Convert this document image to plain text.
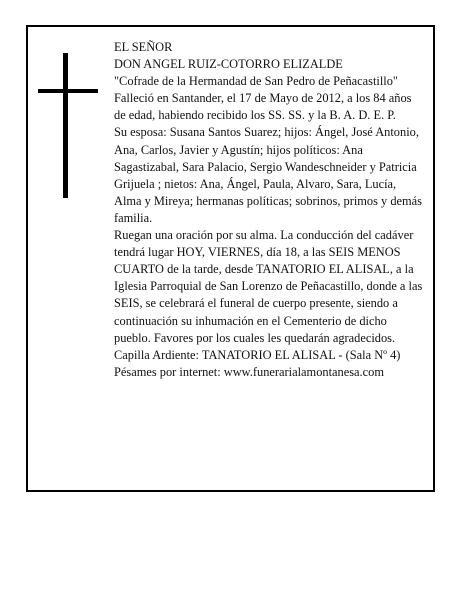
EL SEÑOR

DON ANGEL RUIZ-COTORRO ELIZALDE

"Cofrade de la Hermandad de San Pedro de Peñacastillo"

Falleció en Santander, el 17 de Mayo de 2012, a los 84 años de edad, habiendo recibido los SS. SS. y la B. A. D. E. P.

Su esposa: Susana Santos Suarez; hijos: Ángel, José Antonio, Ana, Carlos, Javier y Agustín; hijos políticos: Ana Sagastizabal, Sara Palacio, Sergio Wandeschneider y Patricia Grijuela ; nietos: Ana, Ángel, Paula, Alvaro, Sara, Lucía, Alma y Mireya; hermanas políticas; sobrinos, primos y demás familia.

Ruegan una oración por su alma. La conducción del cadáver tendrá lugar HOY, VIERNES, día 18, a las SEIS MENOS CUARTO de la tarde, desde TANATORIO EL ALISAL, a la Iglesia Parroquial de San Lorenzo de Peñacastillo, donde a las SEIS, se celebrará el funeral de cuerpo presente, siendo a continuación su inhumación en el Cementerio de dicho pueblo. Favores por los cuales les quedarán agradecidos. Capilla Ardiente: TANATORIO EL ALISAL - (Sala Nº 4)

Pésames por internet: www.funerarialamontanesa.com
